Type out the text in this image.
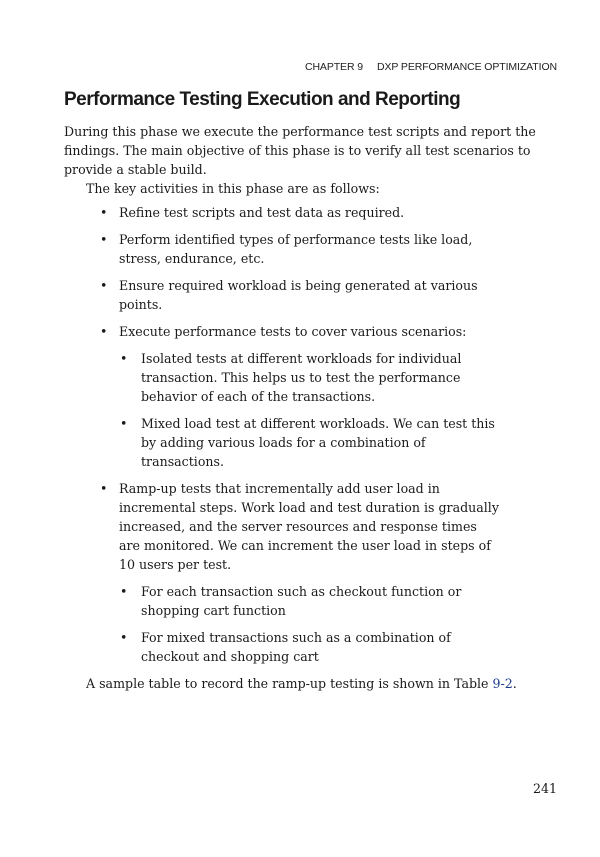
CHAPTER 9 DXP PERFORMANCE OPTIMIZATION
Performance Testing Execution and Reporting

During this phase we execute the performance test scripts and report the findings. The main objective of this phase is to verify all test scenarios to provide a stable build.

The key activities in this phase are as follows:

• Refine test scripts and test data as required.
• Perform identified types of performance tests like load, stress, endurance, etc.
• Ensure required workload is being generated at various points.
• Execute performance tests to cover various scenarios:
• Isolated tests at different workloads for individual transaction. This helps us to test the performance behavior of each of the transactions.
• Mixed load test at different workloads. We can test this by adding various loads for a combination of transactions.
• Ramp-up tests that incrementally add user load in incremental steps. Work load and test duration is gradually increased, and the server resources and response times are monitored. We can increment the user load in steps of 10 users per test.
• For each transaction such as checkout function or shopping cart function
• For mixed transactions such as a combination of checkout and shopping cart

A sample table to record the ramp-up testing is shown in Table 9-2.

241
